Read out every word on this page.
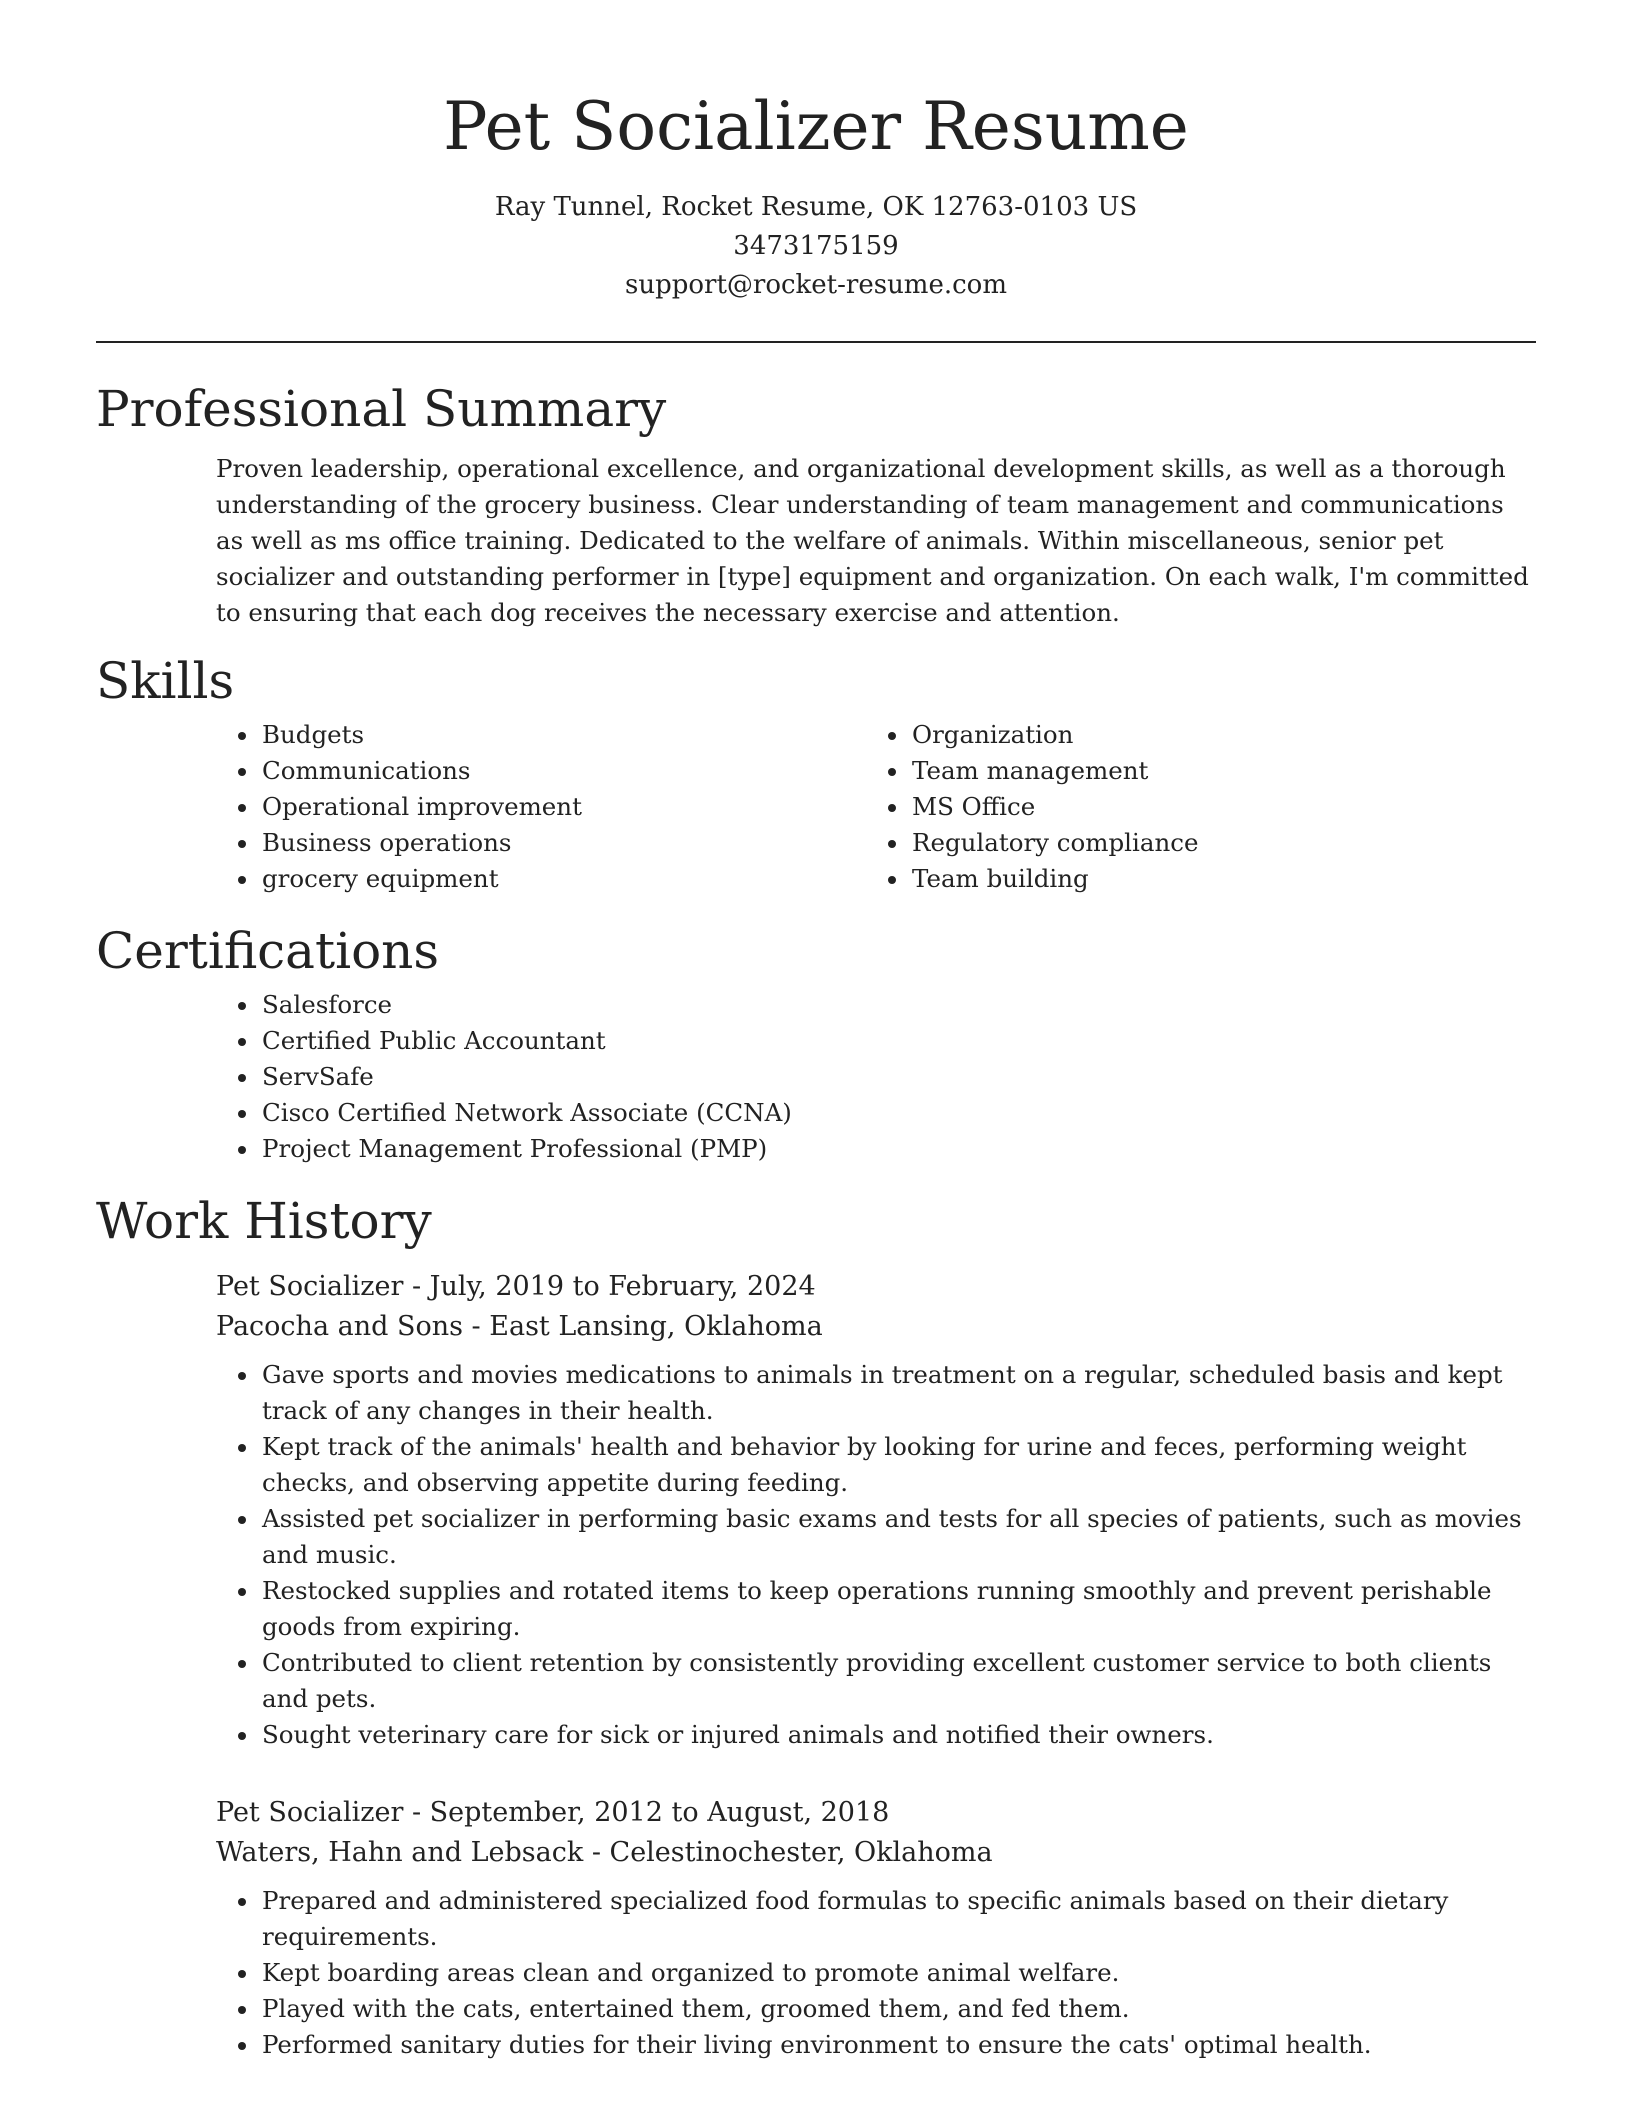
Pet Socializer Resume

Ray Tunnel, Rocket Resume, OK 12763-0103 US

3473175159

support@rocket-resume.com

Professional Summary

Proven leadership, operational excellence, and organizational development skills, as well as a thorough understanding of the grocery business. Clear understanding of team management and communications as well as ms office training. Dedicated to the welfare of animals. Within miscellaneous, senior pet socializer and outstanding performer in [type] equipment and organization. On each walk, I'm committed to ensuring that each dog receives the necessary exercise and attention.

Skills
• Budgets
• Communications
• Operational improvement
• Business operations
• grocery equipment
• Organization
• Team management
• MS Office
• Regulatory compliance
• Team building
Certifications
• Salesforce
• Certified Public Accountant
• ServSafe
• Cisco Certified Network Associate (CCNA)
• Project Management Professional (PMP)
Work History

Pet Socializer - July, 2019 to February, 2024

Pacocha and Sons - East Lansing, Oklahoma

• Gave sports and movies medications to animals in treatment on a regular, scheduled basis and kept track of any changes in their health.
• Kept track of the animals' health and behavior by looking for urine and feces, performing weight checks, and observing appetite during feeding.
• Assisted pet socializer in performing basic exams and tests for all species of patients, such as movies and music.
• Restocked supplies and rotated items to keep operations running smoothly and prevent perishable goods from expiring.
• Contributed to client retention by consistently providing excellent customer service to both clients and pets.
• Sought veterinary care for sick or injured animals and notified their owners.

Pet Socializer - September, 2012 to August, 2018

Waters, Hahn and Lebsack - Celestinochester, Oklahoma

• Prepared and administered specialized food formulas to specific animals based on their dietary requirements.
• Kept boarding areas clean and organized to promote animal welfare.
• Played with the cats, entertained them, groomed them, and fed them.
• Performed sanitary duties for their living environment to ensure the cats' optimal health.
